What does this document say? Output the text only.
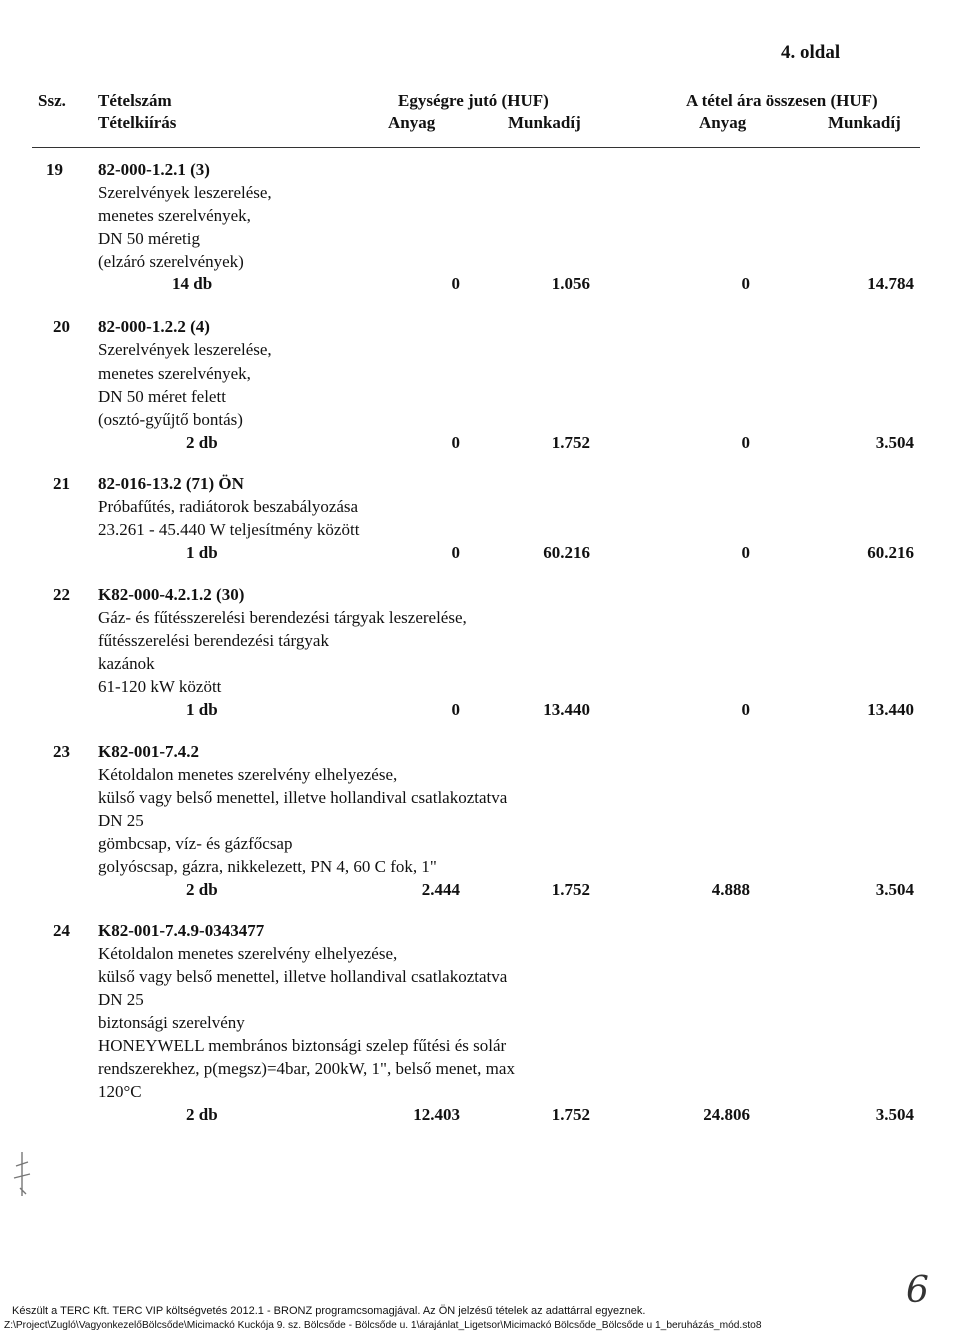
4. oldal
Ssz. Tételszám
Tételkiírás
Egységre jutó (HUF)	A tétel ára összesen (HUF)
Anyag	Munkadíj	Anyag	Munkadíj
19 82-000-1.2.1 (3)
Szerelvények leszerelése,
menetes szerelvények,
DN 50 méretig
(elzáró szerelvények)
14 db	0	1.056	0	14.784
20 82-000-1.2.2 (4)
Szerelvények leszerelése,
menetes szerelvények,
DN 50 méret felett
(osztó-gyűjtő bontás)
2 db	0	1.752	0	3.504
21 82-016-13.2 (71) ÖN
Próbafűtés, radiátorok beszabályozása
23.261 - 45.440 W teljesítmény között
1 db	0	60.216	0	60.216
22 K82-000-4.2.1.2 (30)
Gáz- és fűtésszerelési berendezési tárgyak leszerelése,
fűtésszerelési berendezési tárgyak
kazánok
61-120 kW között
1 db	0	13.440	0	13.440
23 K82-001-7.4.2
Kétoldalon menetes szerelvény elhelyezése,
külső vagy belső menettel, illetve hollandival csatlakoztatva
DN 25
gömbcsap, víz- és gázfőcsap
golyóscsap, gázra, nikkelezett, PN 4, 60 C fok, 1"
2 db	2.444	1.752	4.888	3.504
24 K82-001-7.4.9-0343477
Kétoldalon menetes szerelvény elhelyezése,
külső vagy belső menettel, illetve hollandival csatlakoztatva
DN 25
biztonsági szerelvény
HONEYWELL membrános biztonsági szelep fűtési és solár
rendszerekhez, p(megsz)=4bar, 200kW, 1", belső menet, max
120°C
2 db	12.403	1.752	24.806	3.504
Készült a TERC Kft. TERC VIP költségvetés 2012.1 - BRONZ programcsomagjával. Az ÖN jelzésű tételek az adattárral egyeznek.
Z:\Project\Zugló\VagyonkezelőBölcsőde\Micimackó Kuckója 9. sz. Bölcsőde - Bölcsőde u. 1\árajánlat_Ligetsor\Micimackó Bölcsőde_Bölcsőde u 1_beruházás_mód.sto8
6
